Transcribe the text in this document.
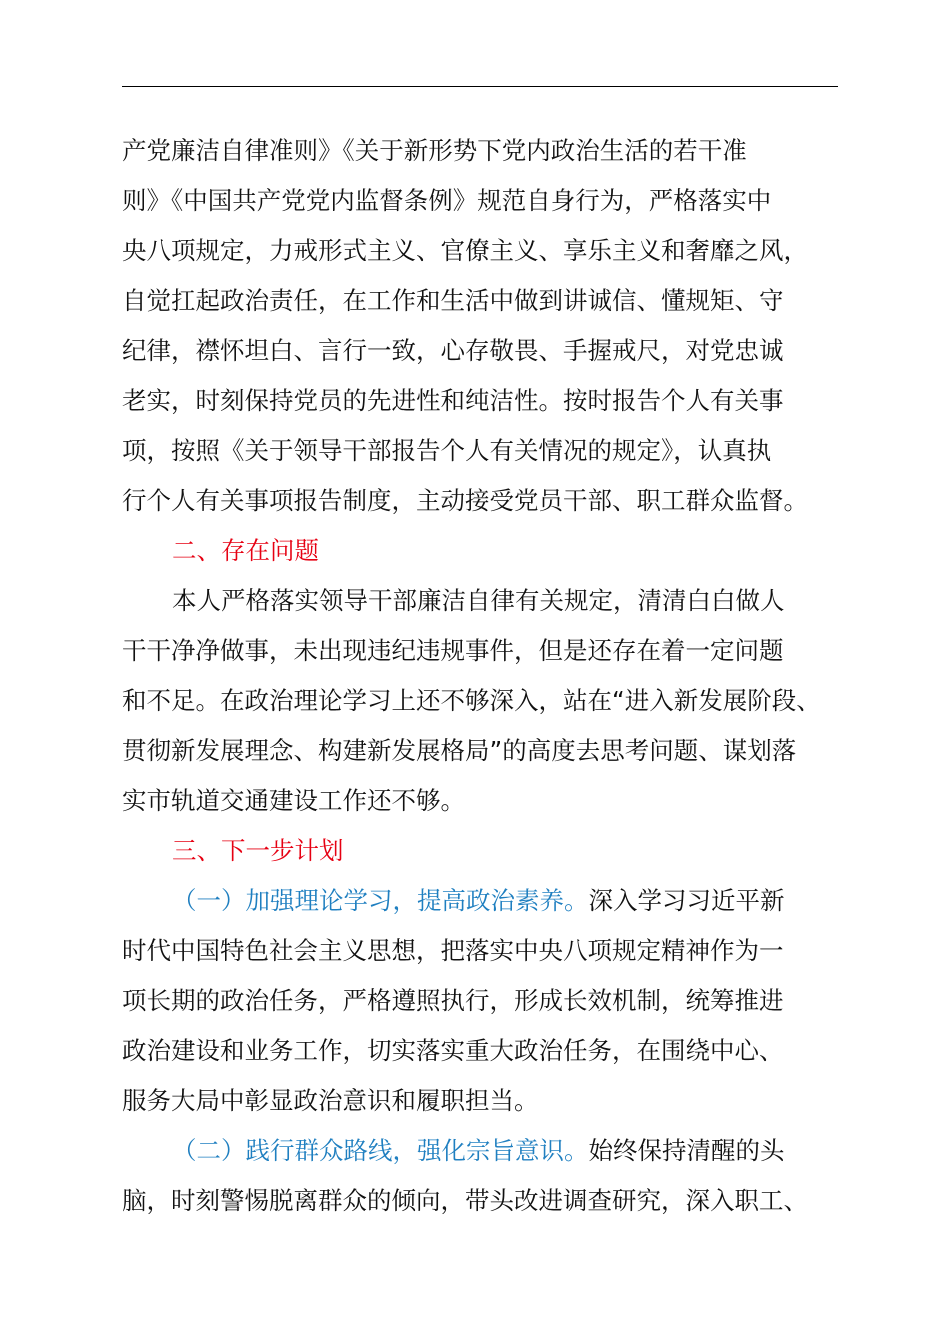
产党廉洁自律准则》《关于新形势下党内政治生活的若干准
则》《中国共产党党内监督条例》规范自身行为，严格落实中
央八项规定，力戒形式主义、官僚主义、享乐主义和奢靡之风，
自觉扛起政治责任，在工作和生活中做到讲诚信、懂规矩、守
纪律，襟怀坦白、言行一致，心存敬畏、手握戒尺，对党忠诚
老实，时刻保持党员的先进性和纯洁性。按时报告个人有关事
项，按照《关于领导干部报告个人有关情况的规定》，认真执
行个人有关事项报告制度，主动接受党员干部、职工群众监督。
二、存在问题
本人严格落实领导干部廉洁自律有关规定，清清白白做人
干干净净做事，未出现违纪违规事件，但是还存在着一定问题
和不足。在政治理论学习上还不够深入，站在“进入新发展阶段、
贯彻新发展理念、构建新发展格局”的高度去思考问题、谋划落
实市轨道交通建设工作还不够。
三、下一步计划
（一）加强理论学习，提高政治素养。深入学习习近平新
时代中国特色社会主义思想，把落实中央八项规定精神作为一
项长期的政治任务，严格遵照执行，形成长效机制，统筹推进
政治建设和业务工作，切实落实重大政治任务，在围绕中心、
服务大局中彰显政治意识和履职担当。
（二）践行群众路线，强化宗旨意识。始终保持清醒的头
脑，时刻警惕脱离群众的倾向，带头改进调查研究，深入职工、
